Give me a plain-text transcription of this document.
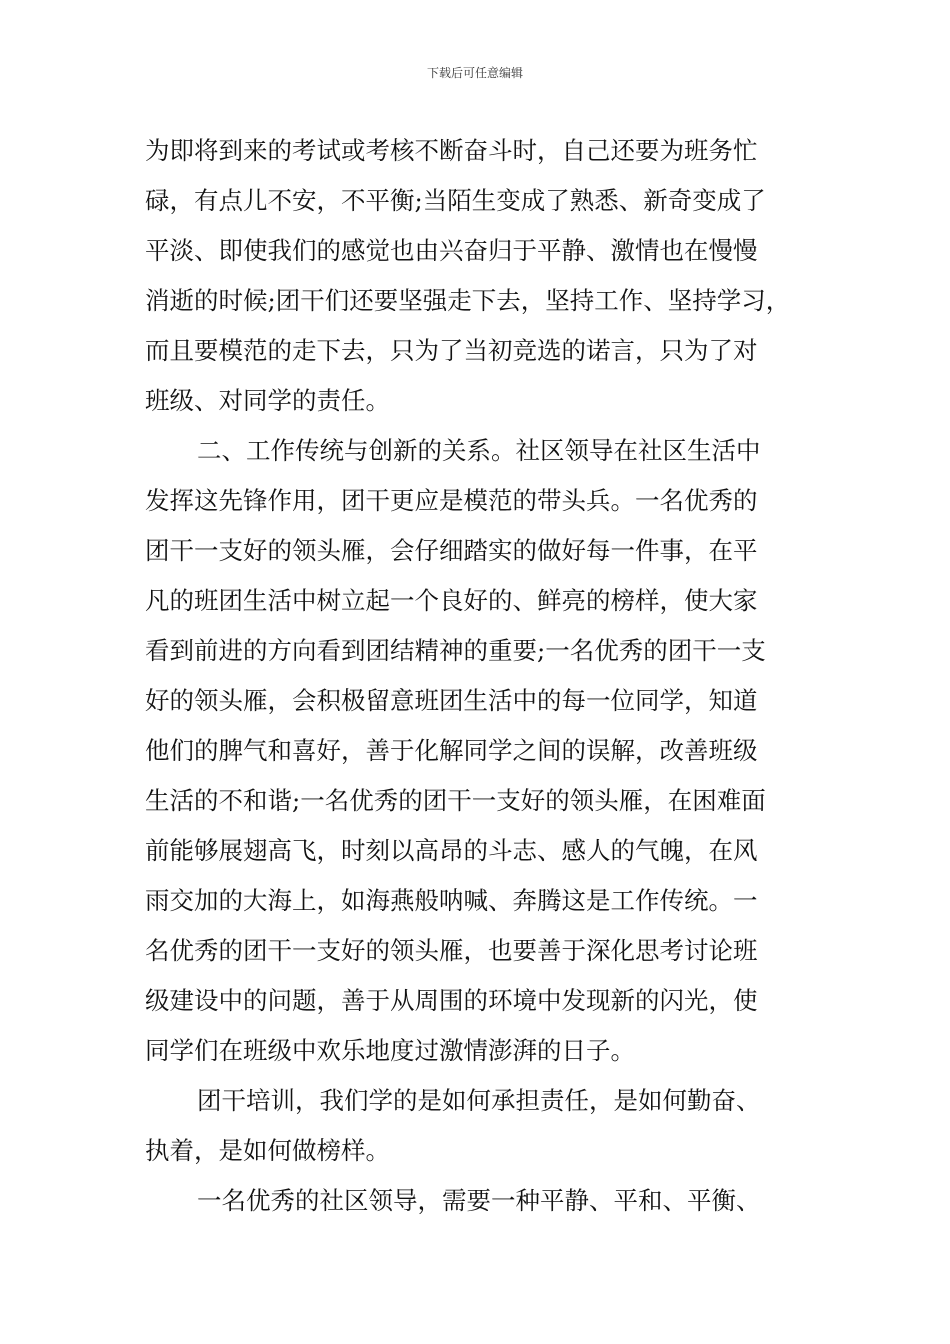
下载后可任意编辑
为即将到来的考试或考核不断奋斗时，自己还要为班务忙
碌，有点儿不安，不平衡;当陌生变成了熟悉、新奇变成了
平淡、即使我们的感觉也由兴奋归于平静、激情也在慢慢
消逝的时候;团干们还要坚强走下去，坚持工作、坚持学习，
而且要模范的走下去，只为了当初竞选的诺言，只为了对
班级、对同学的责任。
二、工作传统与创新的关系。社区领导在社区生活中
发挥这先锋作用，团干更应是模范的带头兵。一名优秀的
团干一支好的领头雁，会仔细踏实的做好每一件事，在平
凡的班团生活中树立起一个良好的、鲜亮的榜样，使大家
看到前进的方向看到团结精神的重要;一名优秀的团干一支
好的领头雁，会积极留意班团生活中的每一位同学，知道
他们的脾气和喜好，善于化解同学之间的误解，改善班级
生活的不和谐;一名优秀的团干一支好的领头雁，在困难面
前能够展翅高飞，时刻以高昂的斗志、感人的气魄，在风
雨交加的大海上，如海燕般呐喊、奔腾这是工作传统。一
名优秀的团干一支好的领头雁，也要善于深化思考讨论班
级建设中的问题，善于从周围的环境中发现新的闪光，使
同学们在班级中欢乐地度过激情澎湃的日子。
团干培训，我们学的是如何承担责任，是如何勤奋、
执着，是如何做榜样。
一名优秀的社区领导，需要一种平静、平和、平衡、
